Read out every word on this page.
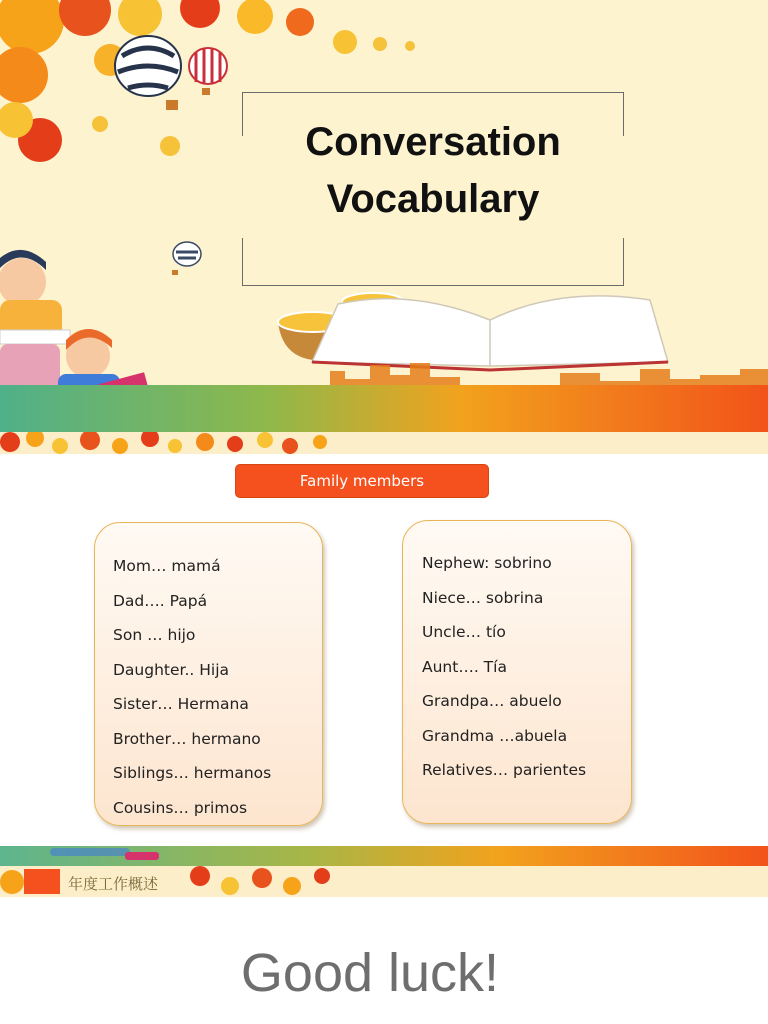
Conversation
Vocabulary
Family members
Mom… mamá
Dad…. Papá
Son … hijo
Daughter.. Hija
Sister… Hermana
Brother… hermano
Siblings… hermanos
Cousins… primos
Nephew: sobrino
Niece… sobrina
Uncle… tío
Aunt…. Tía
Grandpa… abuelo
Grandma …abuela
Relatives… parientes
年度工作概述
Good luck!
